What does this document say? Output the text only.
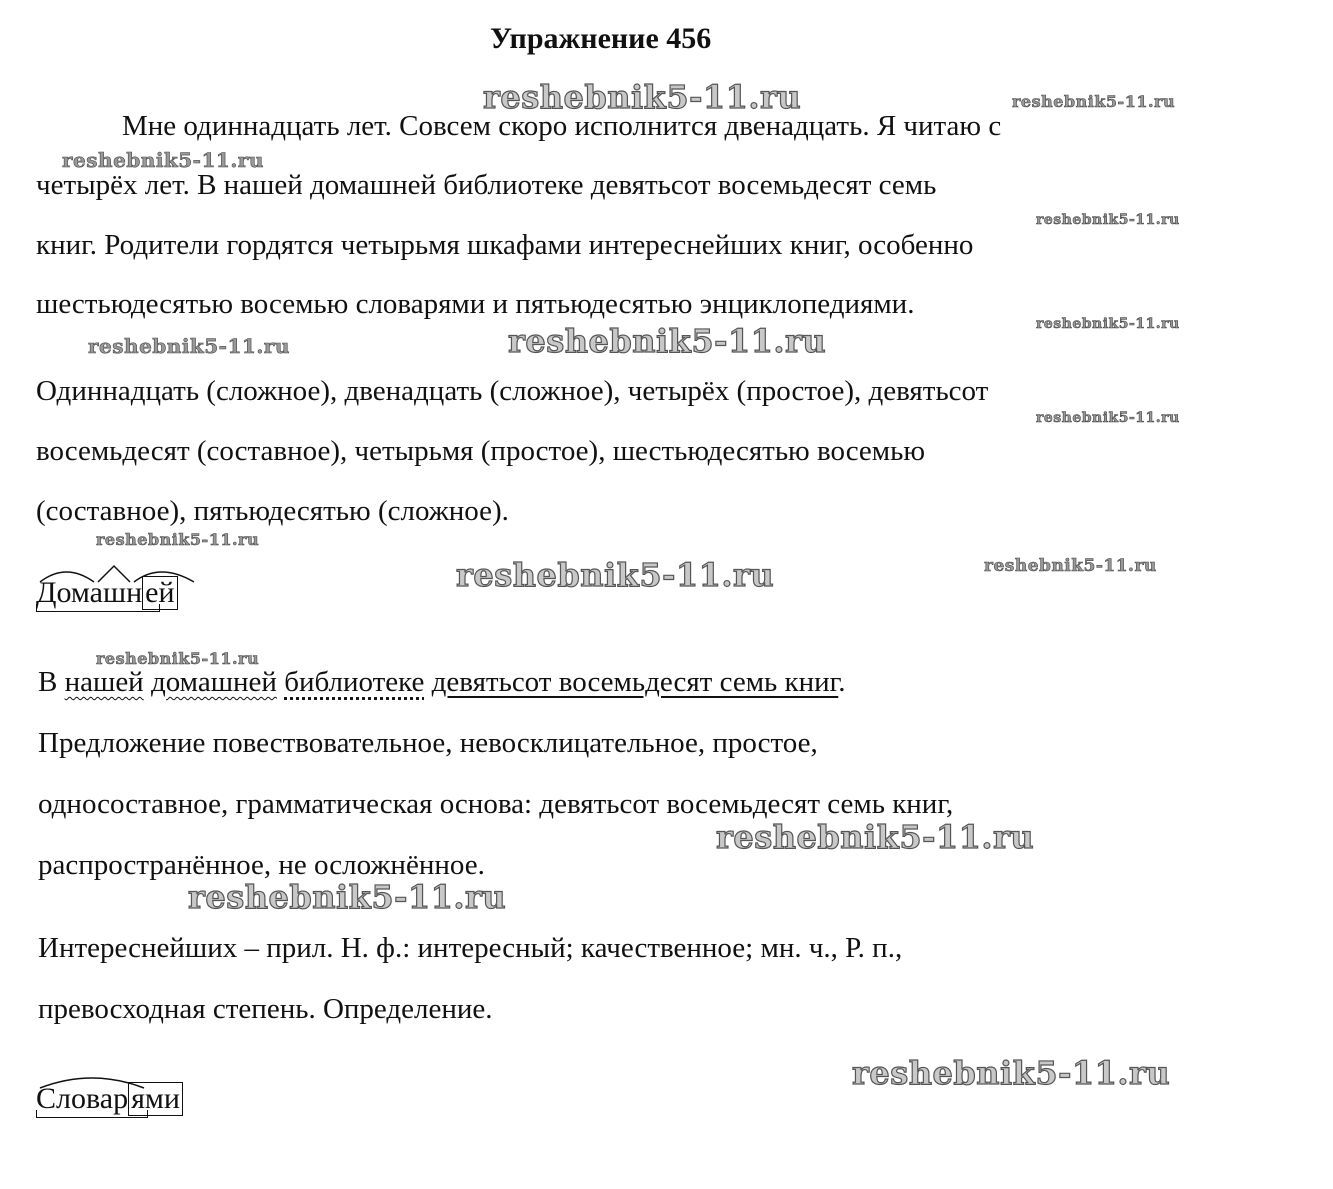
Упражнение 456
reshebnik5-11.ru	reshebnik5-11.ru
reshebnik5-11.ru
reshebnik5-11.ru
reshebnik5-11.ru
reshebnik5-11.ru	reshebnik5-11.ru
reshebnik5-11.ru
reshebnik5-11.ru
reshebnik5-11.ru	reshebnik5-11.ru
reshebnik5-11.ru
reshebnik5-11.ru
reshebnik5-11.ru
reshebnik5-11.ru
Мне одиннадцать лет. Совсем скоро исполнится двенадцать. Я читаю с
четырёх лет. В нашей домашней библиотеке девятьсот восемьдесят семь
книг. Родители гордятся четырьмя шкафами интереснейших книг, особенно
шестьюдесятью восемью словарями и пятьюдесятью энциклопедиями.
Одиннадцать (сложное), двенадцать (сложное), четырёх (простое), девятьсот
восемьдесят (составное), четырьмя (простое), шестьюдесятью восемью
(составное), пятьюдесятью (сложное).
Домашн ей
В нашей домашней библиотеке девятьсот восемьдесят семь книг.
Предложение повествовательное, невосклицательное, простое,
односоставное, грамматическая основа: девятьсот восемьдесят семь книг,
распространённое, не осложнённое.
Интереснейших – прил. Н. ф.: интересный; качественное; мн. ч., Р. п.,
превосходная степень. Определение.
Словар ями
